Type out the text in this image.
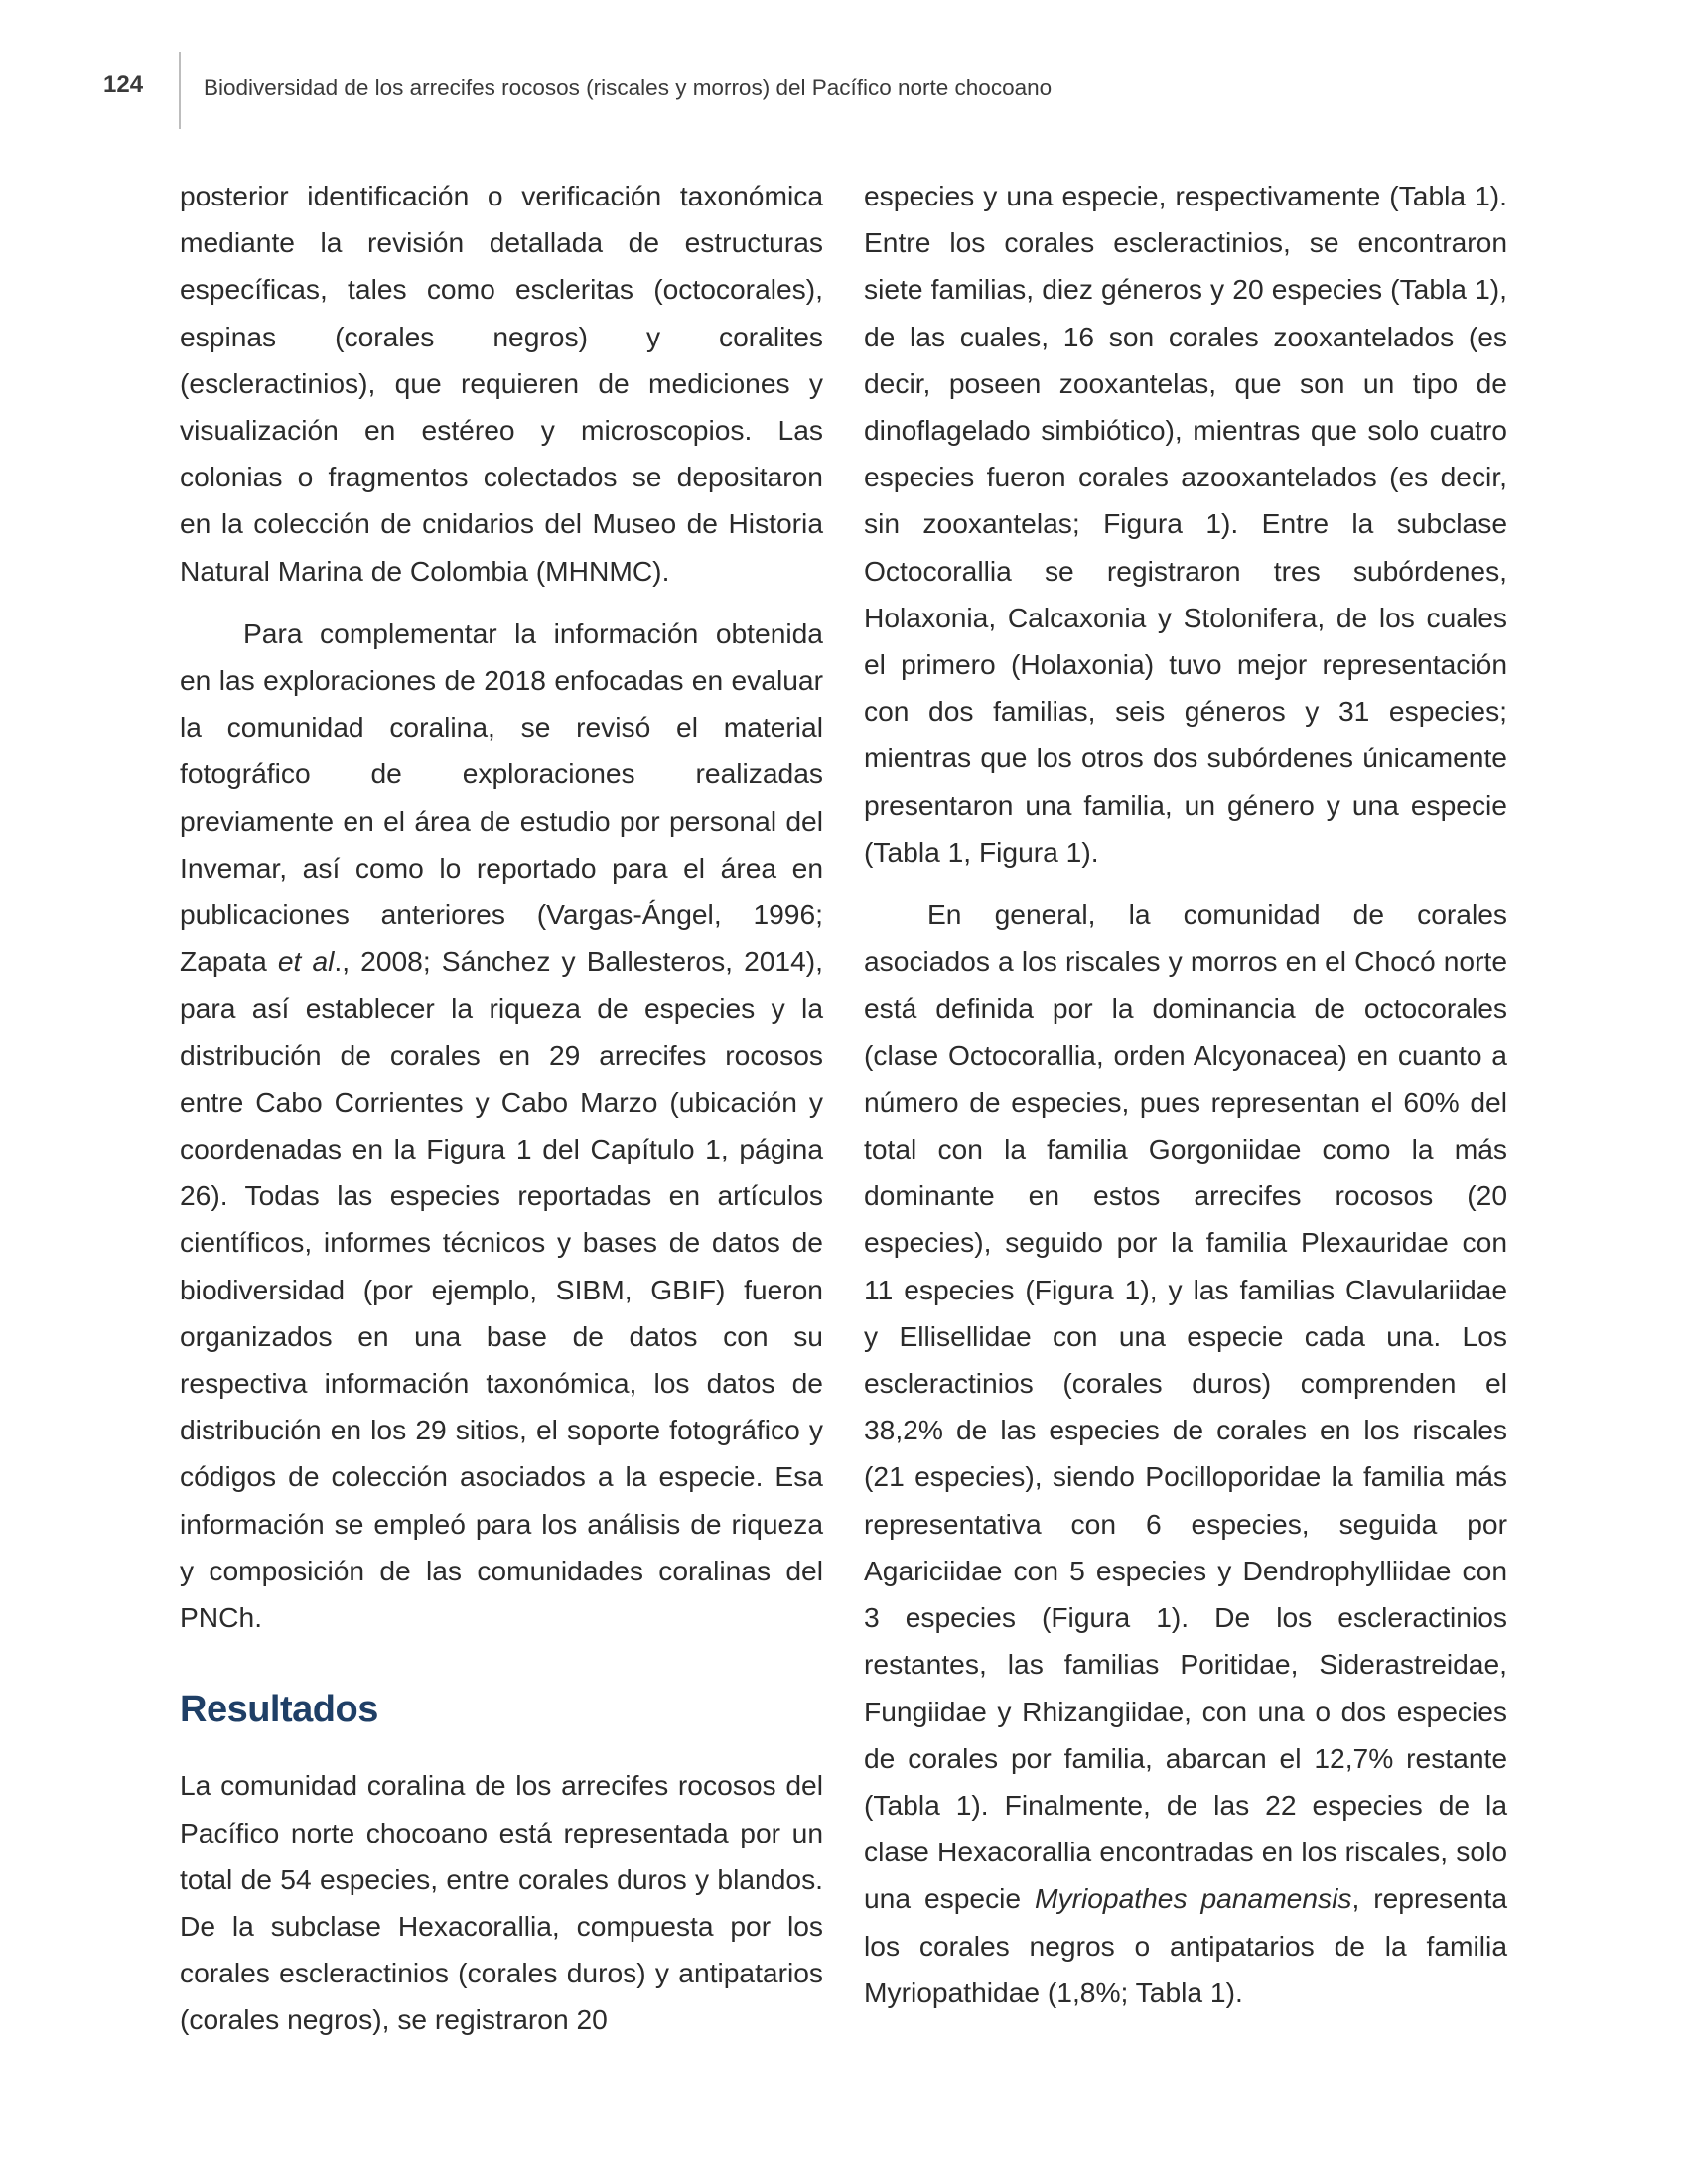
124	Biodiversidad de los arrecifes rocosos (riscales y morros) del Pacífico norte chocoano

posterior identificación o verificación taxonómica mediante la revisión detallada de estructuras específicas, tales como escleritas (octocorales), espinas (corales negros) y coralites (escleractinios), que requieren de mediciones y visualización en estéreo y microscopios. Las colonias o fragmentos colectados se depositaron en la colección de cnidarios del Museo de Historia Natural Marina de Colombia (MHNMC).

Para complementar la información obtenida en las exploraciones de 2018 enfocadas en evaluar la comunidad coralina, se revisó el material fotográfico de exploraciones realizadas previamente en el área de estudio por personal del Invemar, así como lo reportado para el área en publicaciones anteriores (Vargas-Ángel, 1996; Zapata et al., 2008; Sánchez y Ballesteros, 2014), para así establecer la riqueza de especies y la distribución de corales en 29 arrecifes rocosos entre Cabo Corrientes y Cabo Marzo (ubicación y coordenadas en la Figura 1 del Capítulo 1, página 26). Todas las especies reportadas en artículos científicos, informes técnicos y bases de datos de biodiversidad (por ejemplo, SIBM, GBIF) fueron organizados en una base de datos con su respectiva información taxonómica, los datos de distribución en los 29 sitios, el soporte fotográfico y códigos de colección asociados a la especie. Esa información se empleó para los análisis de riqueza y composición de las comunidades coralinas del PNCh.

Resultados

La comunidad coralina de los arrecifes rocosos del Pacífico norte chocoano está representada por un total de 54 especies, entre corales duros y blandos. De la subclase Hexacorallia, compuesta por los corales escleractinios (corales duros) y antipatarios (corales negros), se registraron 20

especies y una especie, respectivamente (Tabla 1). Entre los corales escleractinios, se encontraron siete familias, diez géneros y 20 especies (Tabla 1), de las cuales, 16 son corales zooxantelados (es decir, poseen zooxantelas, que son un tipo de dinoflagelado simbiótico), mientras que solo cuatro especies fueron corales azooxantelados (es decir, sin zooxantelas; Figura 1). Entre la subclase Octocorallia se registraron tres subórdenes, Holaxonia, Calcaxonia y Stolonifera, de los cuales el primero (Holaxonia) tuvo mejor representación con dos familias, seis géneros y 31 especies; mientras que los otros dos subórdenes únicamente presentaron una familia, un género y una especie (Tabla 1, Figura 1).

En general, la comunidad de corales asociados a los riscales y morros en el Chocó norte está definida por la dominancia de octocorales (clase Octocorallia, orden Alcyonacea) en cuanto a número de especies, pues representan el 60% del total con la familia Gorgoniidae como la más dominante en estos arrecifes rocosos (20 especies), seguido por la familia Plexauridae con 11 especies (Figura 1), y las familias Clavulariidae y Ellisellidae con una especie cada una. Los escleractinios (corales duros) comprenden el 38,2% de las especies de corales en los riscales (21 especies), siendo Pocilloporidae la familia más representativa con 6 especies, seguida por Agariciidae con 5 especies y Dendrophylliidae con 3 especies (Figura 1). De los escleractinios restantes, las familias Poritidae, Siderastreidae, Fungiidae y Rhizangiidae, con una o dos especies de corales por familia, abarcan el 12,7% restante (Tabla 1). Finalmente, de las 22 especies de la clase Hexacorallia encontradas en los riscales, solo una especie Myriopathes panamensis, representa los corales negros o antipatarios de la familia Myriopathidae (1,8%; Tabla 1).
